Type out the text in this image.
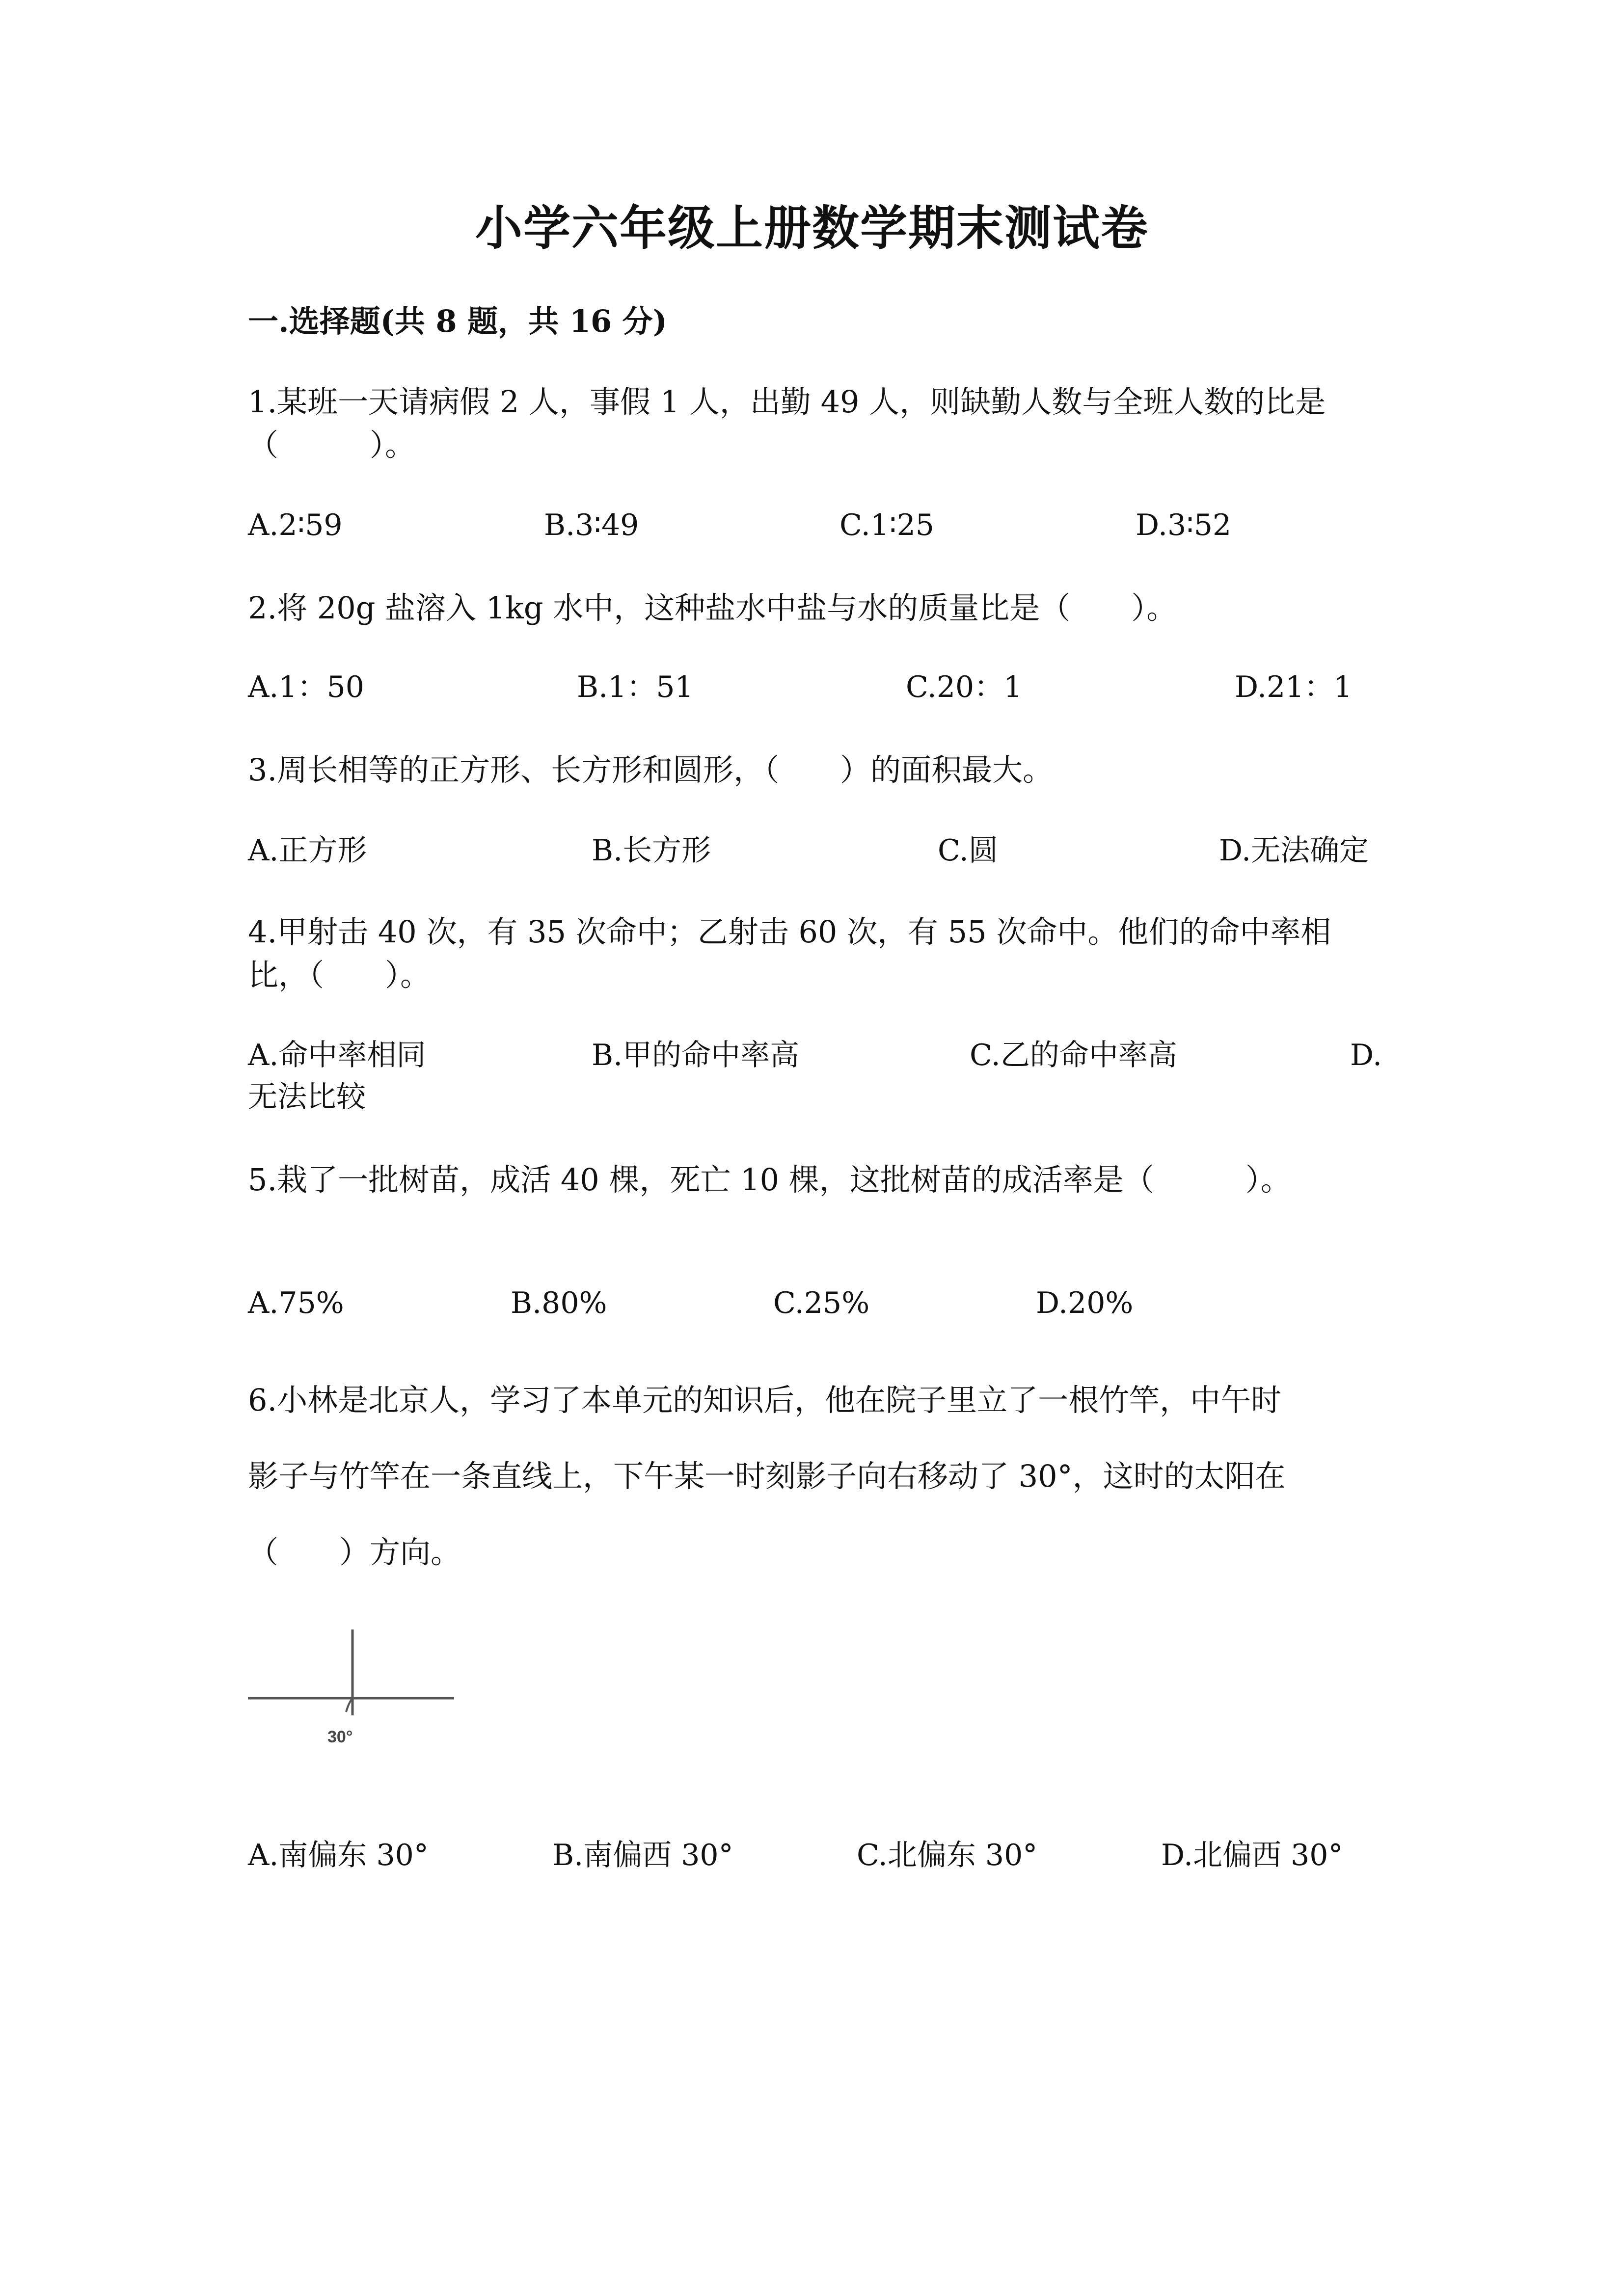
小学六年级上册数学期末测试卷
一.选择题(共 8 题，共 16 分)
1.某班一天请病假 2 人，事假 1 人，出勤 49 人，则缺勤人数与全班人数的比是
（　　　）。
A.2∶59	B.3∶49	C.1∶25	D.3∶52
2.将 20g 盐溶入 1kg 水中，这种盐水中盐与水的质量比是（　　）。
A.1：50	B.1：51	C.20：1	D.21：1
3.周长相等的正方形、长方形和圆形，（　　）的面积最大。
A.正方形	B.长方形	C.圆	D.无法确定
4.甲射击 40 次，有 35 次命中；乙射击 60 次，有 55 次命中。他们的命中率相
比，（　　）。
A.命中率相同	B.甲的命中率高	C.乙的命中率高	D.
无法比较
5.栽了一批树苗，成活 40 棵，死亡 10 棵，这批树苗的成活率是（　　　）。
A.75%	B.80%	C.25%	D.20%
6.小林是北京人，学习了本单元的知识后，他在院子里立了一根竹竿，中午时
影子与竹竿在一条直线上，下午某一时刻影子向右移动了 30°，这时的太阳在
（　　）方向。
30°
A.南偏东 30°	B.南偏西 30°	C.北偏东 30°	D.北偏西 30°
